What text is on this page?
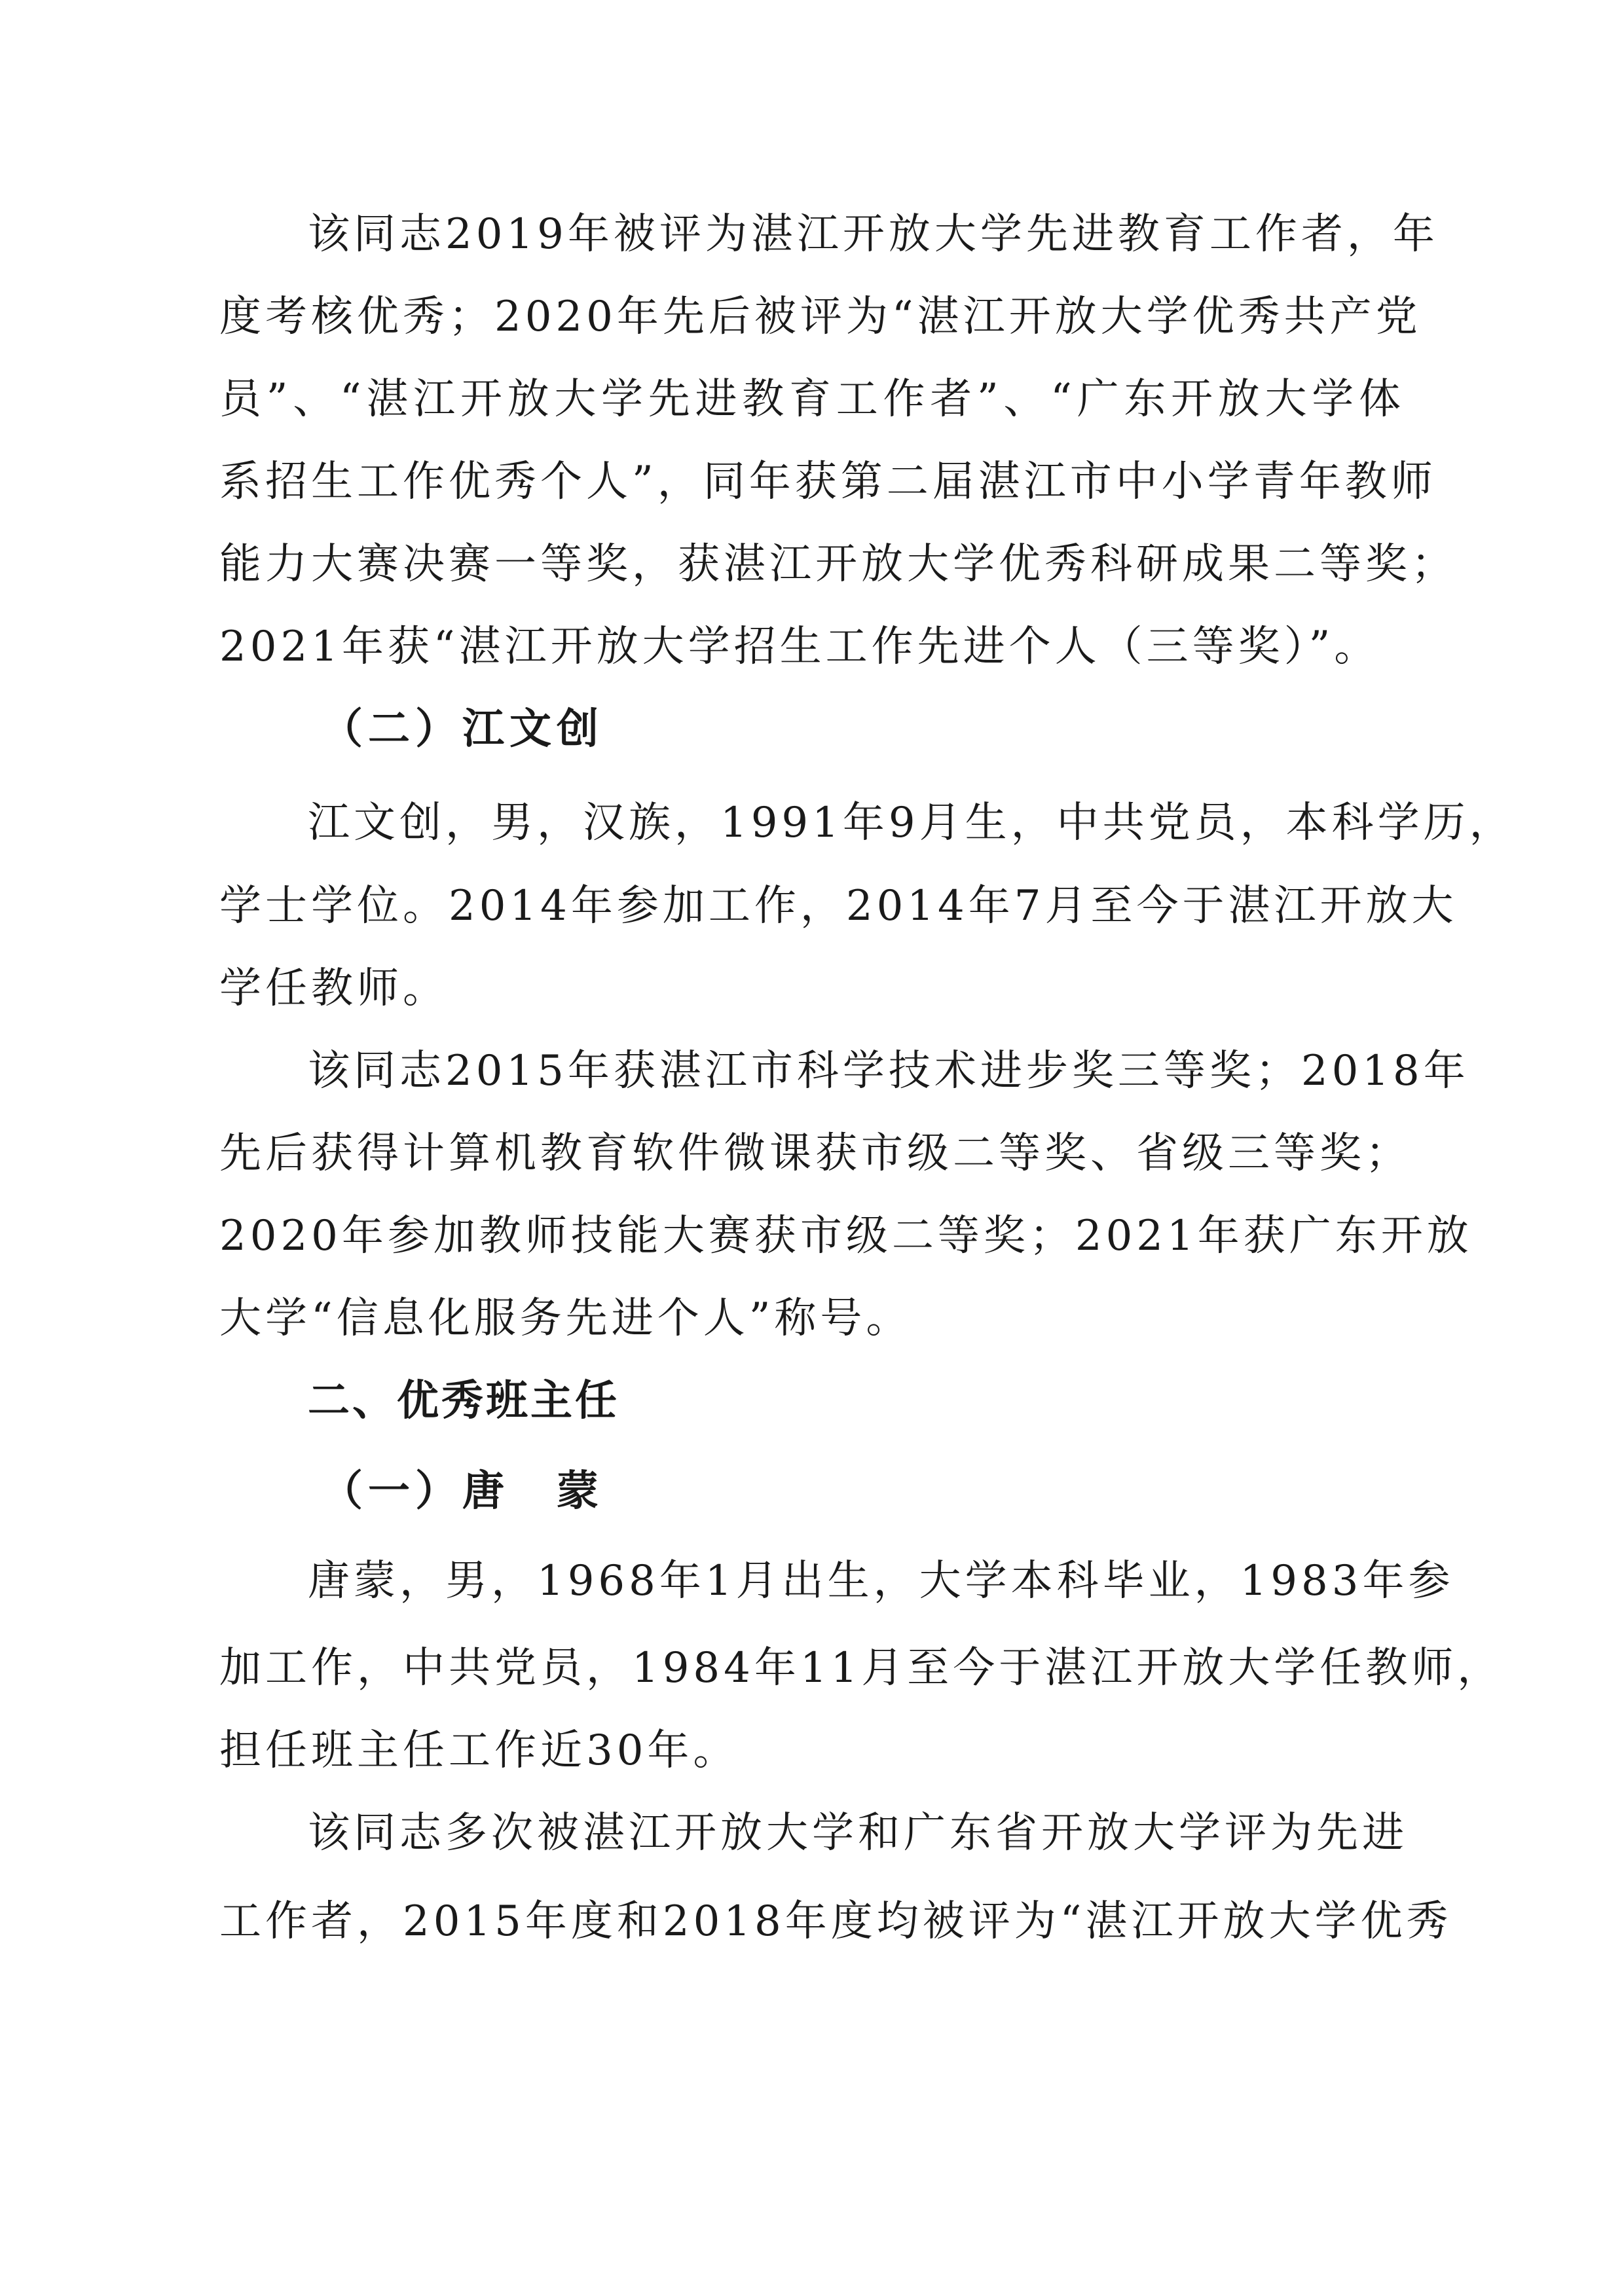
该同志2019年被评为湛江开放大学先进教育工作者，年
度考核优秀；2020年先后被评为“湛江开放大学优秀共产党
员”、“湛江开放大学先进教育工作者”、“广东开放大学体
系招生工作优秀个人”，同年获第二届湛江市中小学青年教师
能力大赛决赛一等奖，获湛江开放大学优秀科研成果二等奖；
2021年获“湛江开放大学招生工作先进个人（三等奖）”。
（二）江文创
江文创，男，汉族，1991年9月生，中共党员，本科学历，
学士学位。2014年参加工作，2014年7月至今于湛江开放大
学任教师。
该同志2015年获湛江市科学技术进步奖三等奖；2018年
先后获得计算机教育软件微课获市级二等奖、省级三等奖；
2020年参加教师技能大赛获市级二等奖；2021年获广东开放
大学“信息化服务先进个人”称号。
二、优秀班主任
（一）唐　蒙
唐蒙，男，1968年1月出生，大学本科毕业，1983年参
加工作，中共党员，1984年11月至今于湛江开放大学任教师，
担任班主任工作近30年。
该同志多次被湛江开放大学和广东省开放大学评为先进
工作者，2015年度和2018年度均被评为“湛江开放大学优秀
